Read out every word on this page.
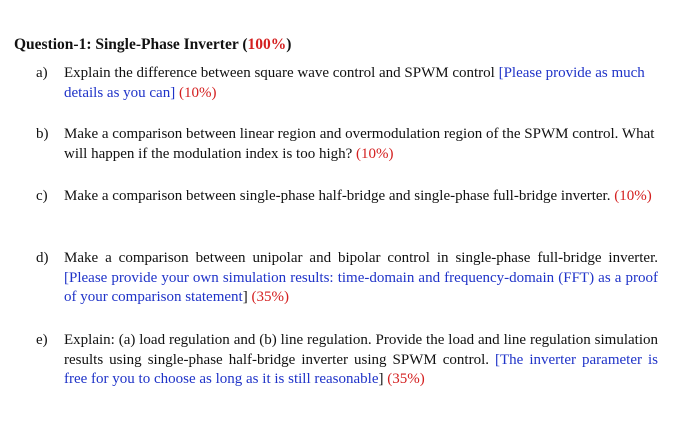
Question-1: Single-Phase Inverter (100%)
a) Explain the difference between square wave control and SPWM control [Please provide as much details as you can] (10%)
b) Make a comparison between linear region and overmodulation region of the SPWM control. What will happen if the modulation index is too high? (10%)
c) Make a comparison between single-phase half-bridge and single-phase full-bridge inverter. (10%)
d) Make a comparison between unipolar and bipolar control in single-phase full-bridge inverter. [Please provide your own simulation results: time-domain and frequency-domain (FFT) as a proof of your comparison statement] (35%)
e) Explain: (a) load regulation and (b) line regulation. Provide the load and line regulation simulation results using single-phase half-bridge inverter using SPWM control. [The inverter parameter is free for you to choose as long as it is still reasonable] (35%)
